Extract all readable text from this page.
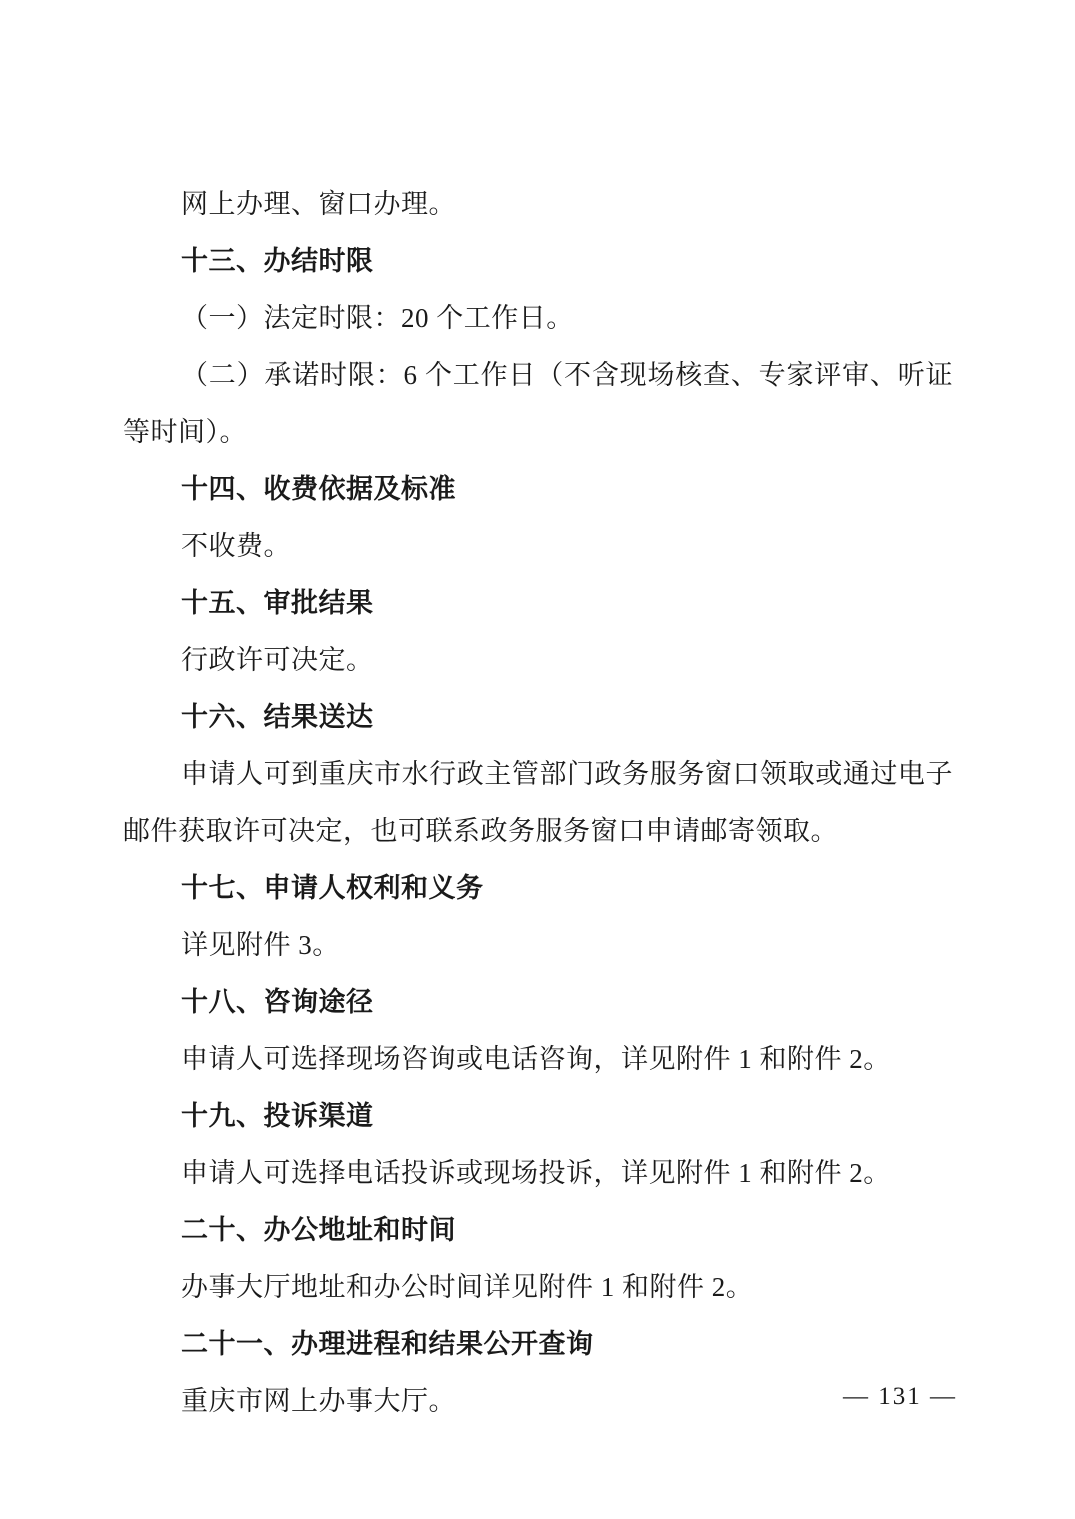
网上办理、窗口办理。

十三、办结时限

（一）法定时限：20 个工作日。

（二）承诺时限：6 个工作日（不含现场核查、专家评审、听证等时间）。

十四、收费依据及标准

不收费。

十五、审批结果

行政许可决定。

十六、结果送达

申请人可到重庆市水行政主管部门政务服务窗口领取或通过电子邮件获取许可决定，也可联系政务服务窗口申请邮寄领取。

十七、申请人权利和义务

详见附件 3。

十八、咨询途径

申请人可选择现场咨询或电话咨询，详见附件 1 和附件 2。

十九、投诉渠道

申请人可选择电话投诉或现场投诉，详见附件 1 和附件 2。

二十、办公地址和时间

办事大厅地址和办公时间详见附件 1 和附件 2。

二十一、办理进程和结果公开查询

重庆市网上办事大厅。	— 131 —
